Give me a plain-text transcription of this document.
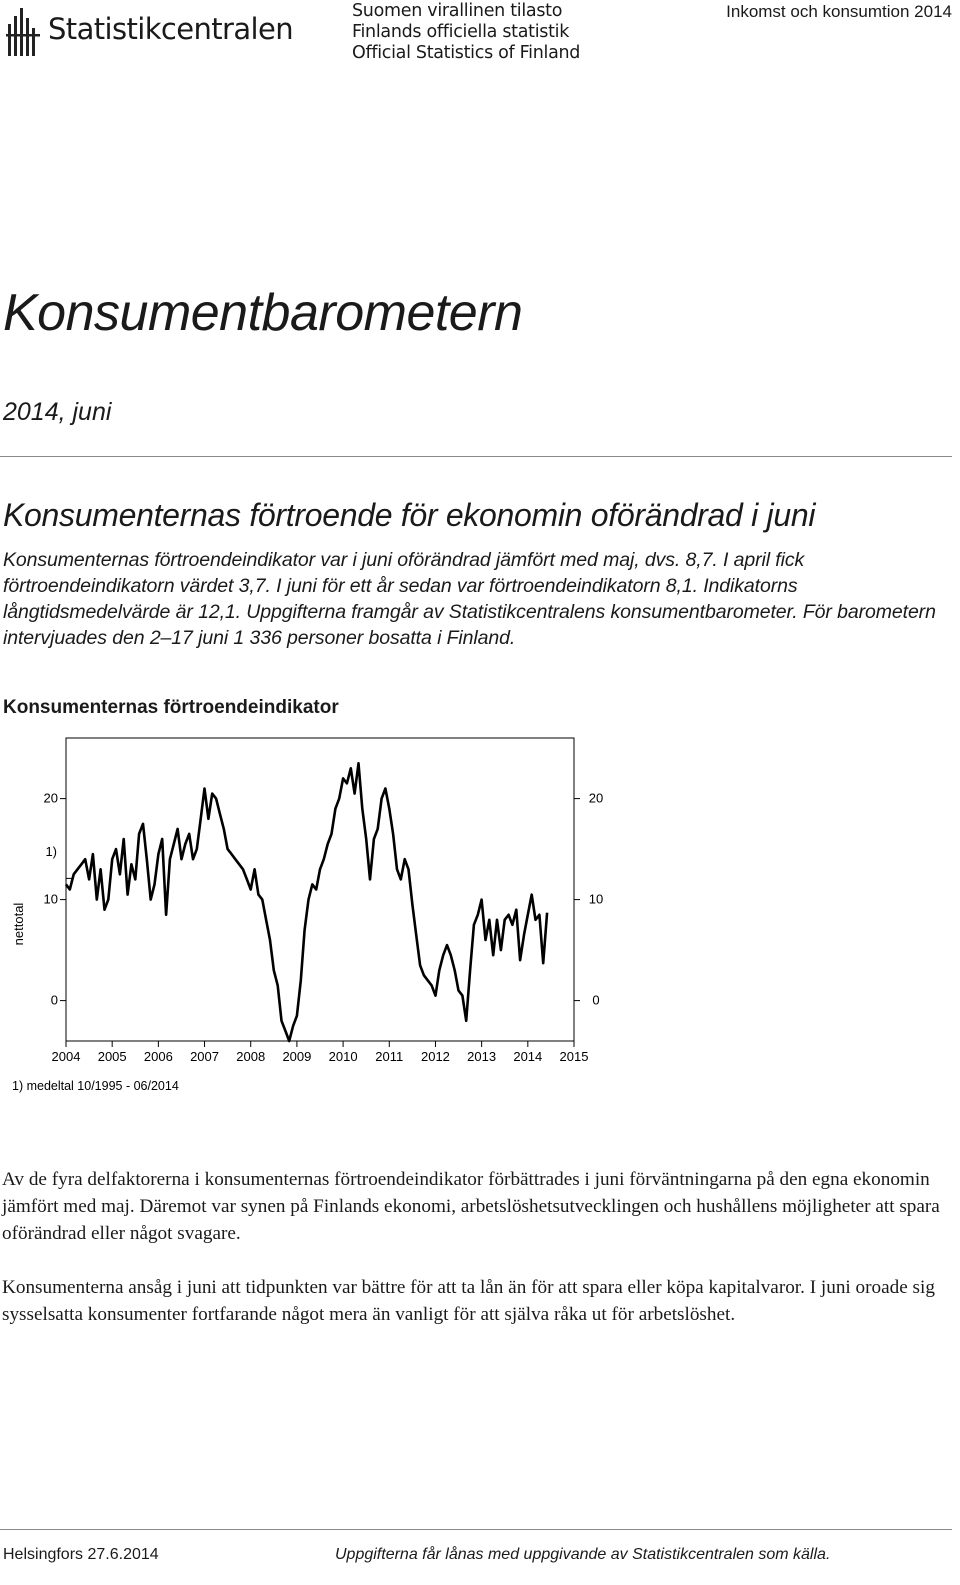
Statistikcentralen
Suomen virallinen tilasto
Finlands officiella statistik
Official Statistics of Finland
Inkomst och konsumtion 2014
Konsumentbarometern
2014, juni
Konsumenternas förtroende för ekonomin oförändrad i juni
Konsumenternas förtroendeindikator var i juni oförändrad jämfört med maj, dvs. 8,7. I april fick förtroendeindikatorn värdet 3,7. I juni för ett år sedan var förtroendeindikatorn 8,1. Indikatorns långtidsmedelvärde är 12,1. Uppgifterna framgår av Statistikcentralens konsumentbarometer. För barometern intervjuades den 2–17 juni 1 336 personer bosatta i Finland.
Konsumenternas förtroendeindikator
0
10
20
0
10
20
2004 2005 2006 2007 2008 2009 2010 2011 2012 2013 2014 2015
nettotal
1)
1) medeltal 10/1995 - 06/2014
Av de fyra delfaktorerna i konsumenternas förtroendeindikator förbättrades i juni förväntningarna på den egna ekonomin jämfört med maj. Däremot var synen på Finlands ekonomi, arbetslöshetsutvecklingen och hushållens möjligheter att spara oförändrad eller något svagare.
Konsumenterna ansåg i juni att tidpunkten var bättre för att ta lån än för att spara eller köpa kapitalvaror. I juni oroade sig sysselsatta konsumenter fortfarande något mera än vanligt för att själva råka ut för arbetslöshet.
Helsingfors 27.6.2014	Uppgifterna får lånas med uppgivande av Statistikcentralen som källa.
